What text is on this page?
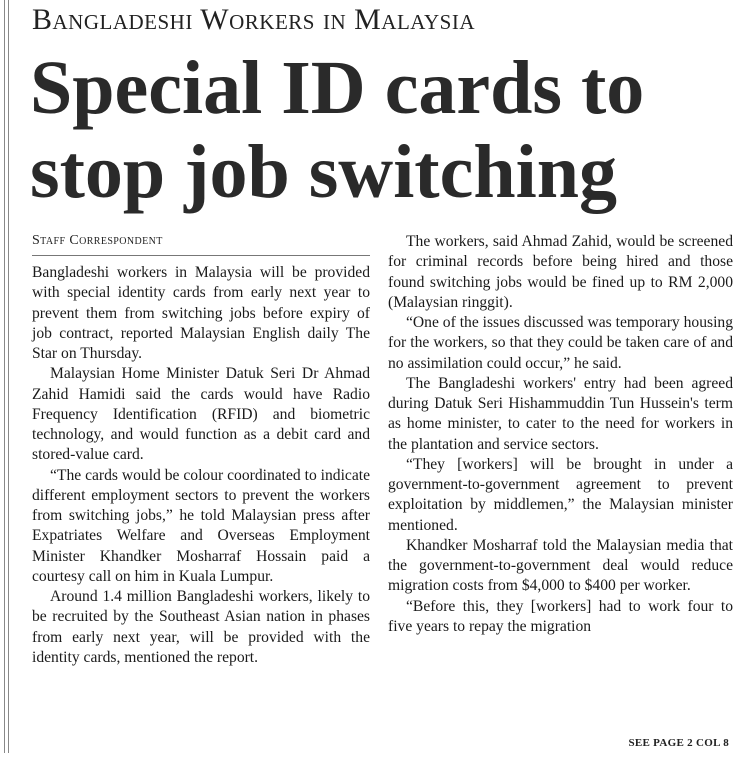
Bangladeshi Workers in Malaysia
Special ID cards to
stop job switching
Staff Correspondent

Bangladeshi workers in Malaysia will be provided with special identity cards from early next year to prevent them from switching jobs before expiry of job contract, reported Malaysian English daily The Star on Thursday.

Malaysian Home Minister Datuk Seri Dr Ahmad Zahid Hamidi said the cards would have Radio Frequency Identification (RFID) and biometric technology, and would function as a debit card and stored-value card.

“The cards would be colour coordinated to indicate different employment sectors to prevent the workers from switching jobs,” he told Malaysian press after Expatriates Welfare and Overseas Employment Minister Khandker Mosharraf Hossain paid a courtesy call on him in Kuala Lumpur.

Around 1.4 million Bangladeshi workers, likely to be recruited by the Southeast Asian nation in phases from early next year, will be provided with the identity cards, mentioned the report.

The workers, said Ahmad Zahid, would be screened for criminal records before being hired and those found switching jobs would be fined up to RM 2,000 (Malaysian ringgit).

“One of the issues discussed was temporary housing for the workers, so that they could be taken care of and no assimilation could occur,” he said.

The Bangladeshi workers' entry had been agreed during Datuk Seri Hishammuddin Tun Hussein's term as home minister, to cater to the need for workers in the plantation and service sectors.

“They [workers] will be brought in under a government-to-government agreement to prevent exploitation by middlemen,” the Malaysian minister mentioned.

Khandker Mosharraf told the Malaysian media that the government-to-government deal would reduce migration costs from $4,000 to $400 per worker.

“Before this, they [workers] had to work four to five years to repay the migration

SEE PAGE 2 COL 8
